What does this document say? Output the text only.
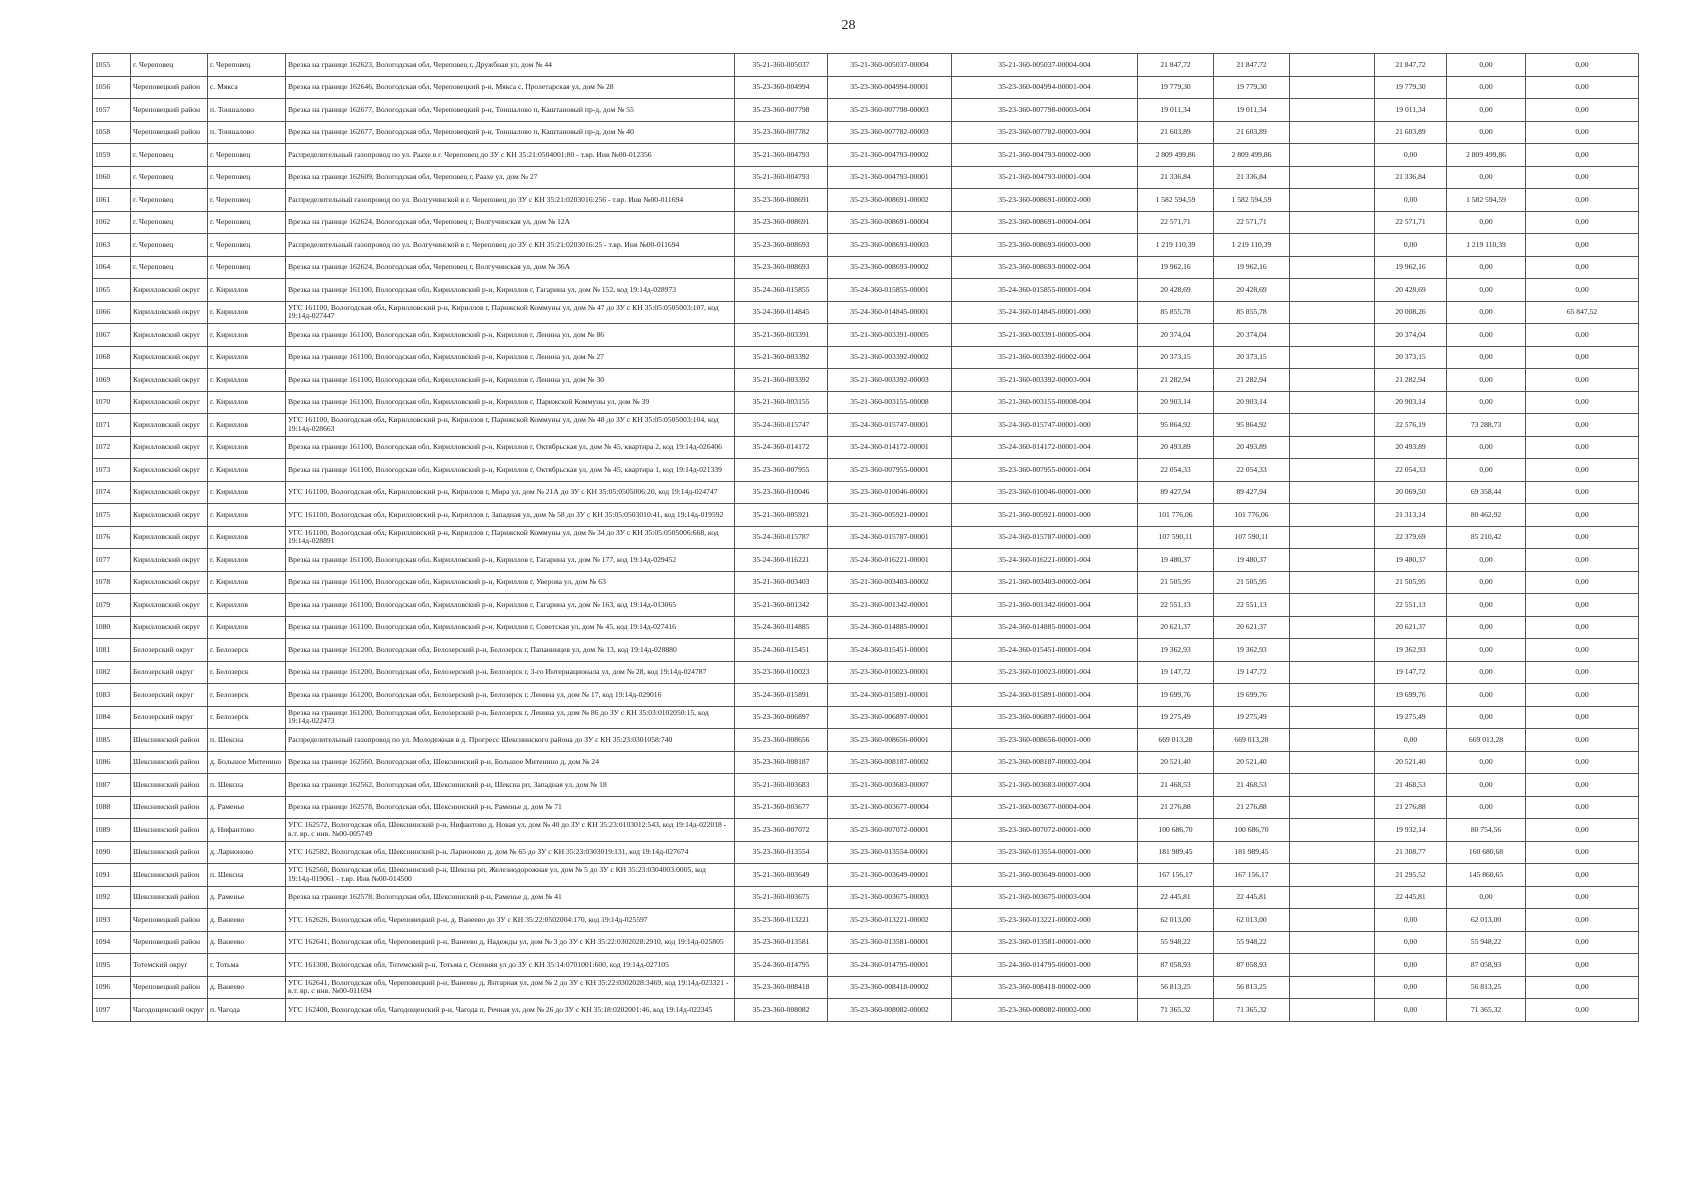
28
1055	г. Череповец	г. Череповец	Врезка на границе 162623, Вологодская обл, Череповец г, Дружбная ул, дом № 44	35-21-360-005037	35-21-360-005037-00004	35-21-360-005037-00004-004	21 847,72	21 847,72		21 847,72	0,00	0,00
1056	Череповецкий район	с. Мякса	Врезка на границе 162646, Вологодская обл, Череповецкий р-н, Мякса с, Пролетарская ул, дом № 28	35-23-360-004994	35-23-360-004994-00001	35-23-360-004994-00001-004	19 779,30	19 779,30		19 779,30	0,00	0,00
1057	Череповецкий район	п. Тоншалово	Врезка на границе 162677, Вологодская обл, Череповецкий р-н, Тоншалово п, Каштановый пр-д, дом № 55	35-23-360-007798	35-23-360-007798-00003	35-23-360-007798-00003-004	19 011,34	19 011,34		19 011,34	0,00	0,00
1058	Череповецкий район	п. Тоншалово	Врезка на границе 162677, Вологодская обл, Череповецкий р-н, Тоншалово п, Каштановый пр-д, дом № 40	35-23-360-007782	35-23-360-007782-00003	35-23-360-007782-00003-004	21 603,89	21 603,89		21 603,89	0,00	0,00
1059	г. Череповец	г. Череповец	Распределительный газопровод по ул. Раахе в г. Череповец до ЗУ с КН 35:21:0504001:80 - т.вр. Инв №00-012356	35-21-360-004793	35-21-360-004793-00002	35-21-360-004793-00002-000	2 809 499,86	2 809 499,86		0,00	2 809 499,86	0,00
1060	г. Череповец	г. Череповец	Врезка на границе 162609, Вологодская обл, Череповец г, Раахе ул, дом № 27	35-21-360-004793	35-21-360-004793-00001	35-21-360-004793-00001-004	21 336,84	21 336,84		21 336,84	0,00	0,00
1061	г. Череповец	г. Череповец	Распределительный газопровод по ул. Волгучинской в г. Череповец до ЗУ с КН 35:21:0203016:256 - т.вр. Инв №00-011694	35-23-360-008691	35-23-360-008691-00002	35-23-360-008691-00002-000	1 582 594,59	1 582 594,59		0,00	1 582 594,59	0,00
1062	г. Череповец	г. Череповец	Врезка на границе 162624, Вологодская обл, Череповец г, Волгучинская ул, дом № 12А	35-23-360-008691	35-23-360-008691-00004	35-23-360-008691-00004-004	22 571,71	22 571,71		22 571,71	0,00	0,00
1063	г. Череповец	г. Череповец	Распределительный газопровод по ул. Волгучинской в г. Череповец до ЗУ с КН 35:21:0203016:25 - т.вр. Инв №00-011694	35-23-360-008693	35-23-360-008693-00003	35-23-360-008693-00003-000	1 219 110,39	1 219 110,39		0,00	1 219 110,39	0,00
1064	г. Череповец	г. Череповец	Врезка на границе 162624, Вологодская обл, Череповец г, Волгучинская ул, дом № 36А	35-23-360-008693	35-23-360-008693-00002	35-23-360-008693-00002-004	19 962,16	19 962,16		19 962,16	0,00	0,00
1065	Кирилловский округ	г. Кириллов	Врезка на границе 161100, Вологодская обл, Кирилловский р-н, Кириллов г, Гагарина ул, дом № 152, код 19:14д-028973	35-24-360-015855	35-24-360-015855-00001	35-24-360-015855-00001-004	20 428,69	20 428,69		20 428,69	0,00	0,00
1066	Кирилловский округ	г. Кириллов	УГС 161100, Вологодская обл, Кирилловский р-н, Кириллов г, Парижской Коммуны ул, дом № 47 до ЗУ с КН 35:05:0505003:107, код 19:14д-027447	35-24-360-014845	35-24-360-014845-00001	35-24-360-014845-00001-000	85 855,78	85 855,78		20 008,26	0,00	65 847,52
1067	Кирилловский округ	г. Кириллов	Врезка на границе 161100, Вологодская обл, Кирилловский р-н, Кириллов г, Ленина ул, дом № 86	35-21-360-003391	35-21-360-003391-00005	35-21-360-003391-00005-004	20 374,04	20 374,04		20 374,04	0,00	0,00
1068	Кирилловский округ	г. Кириллов	Врезка на границе 161100, Вологодская обл, Кирилловский р-н, Кириллов г, Ленина ул, дом № 27	35-21-360-003392	35-21-360-003392-00002	35-21-360-003392-00002-004	20 373,15	20 373,15		20 373,15	0,00	0,00
1069	Кирилловский округ	г. Кириллов	Врезка на границе 161100, Вологодская обл, Кирилловский р-н, Кириллов г, Ленина ул, дом № 30	35-21-360-003392	35-21-360-003392-00003	35-21-360-003392-00003-004	21 282,94	21 282,94		21 282,94	0,00	0,00
1070	Кирилловский округ	г. Кириллов	Врезка на границе 161100, Вологодская обл, Кирилловский р-н, Кириллов г, Парижской Коммуны ул, дом № 39	35-21-360-003155	35-21-360-003155-00008	35-21-360-003155-00008-004	20 903,14	20 903,14		20 903,14	0,00	0,00
1071	Кирилловский округ	г. Кириллов	УГС 161100, Вологодская обл, Кирилловский р-н, Кириллов г, Парижской Коммуны ул, дом № 48 до ЗУ с КН 35:05:0505003:104, код 19:14д-028663	35-24-360-015747	35-24-360-015747-00001	35-24-360-015747-00001-000	95 864,92	95 864,92		22 576,19	73 288,73	0,00
1072	Кирилловский округ	г. Кириллов	Врезка на границе 161100, Вологодская обл, Кирилловский р-н, Кириллов г, Октябрьская ул, дом № 45, квартира 2, код 19:14д-026406	35-24-360-014172	35-24-360-014172-00001	35-24-360-014172-00001-004	20 493,89	20 493,89		20 493,89	0,00	0,00
1073	Кирилловский округ	г. Кириллов	Врезка на границе 161100, Вологодская обл, Кирилловский р-н, Кириллов г, Октябрьская ул, дом № 45, квартира 1, код 19:14д-021339	35-23-360-007955	35-23-360-007955-00001	35-23-360-007955-00001-004	22 054,33	22 054,33		22 054,33	0,00	0,00
1074	Кирилловский округ	г. Кириллов	УГС 161100, Вологодская обл, Кирилловский р-н, Кириллов г, Мира ул, дом № 21А до ЗУ с КН 35:05:0505006:20, код 19:14д-024747	35-23-360-010046	35-23-360-010046-00001	35-23-360-010046-00001-000	89 427,94	89 427,94		20 069,50	69 358,44	0,00
1075	Кирилловский округ	г. Кириллов	УГС 161100, Вологодская обл, Кирилловский р-н, Кириллов г, Западная ул, дом № 58 до ЗУ с КН 35:05:0503010:41, код 19:14д-019592	35-21-360-005921	35-21-360-005921-00001	35-21-360-005921-00001-000	101 776,06	101 776,06		21 313,14	80 462,92	0,00
1076	Кирилловский округ	г. Кириллов	УГС 161100, Вологодская обл, Кирилловский р-н, Кириллов г, Парижской Коммуны ул, дом № 34 до ЗУ с КН 35:05:0505006:668, код 19:14д-028891	35-24-360-015787	35-24-360-015787-00001	35-24-360-015787-00001-000	107 590,11	107 590,11		22 379,69	85 210,42	0,00
1077	Кирилловский округ	г. Кириллов	Врезка на границе 161100, Вологодская обл, Кирилловский р-н, Кириллов г, Гагарина ул, дом № 177, код 19:14д-029452	35-24-360-016221	35-24-360-016221-00001	35-24-360-016221-00001-004	19 480,37	19 480,37		19 480,37	0,00	0,00
1078	Кирилловский округ	г. Кириллов	Врезка на границе 161100, Вологодская обл, Кирилловский р-н, Кириллов г, Уверова ул, дом № 63	35-21-360-003403	35-21-360-003403-00002	35-21-360-003403-00002-004	21 505,95	21 505,95		21 505,95	0,00	0,00
1079	Кирилловский округ	г. Кириллов	Врезка на границе 161100, Вологодская обл, Кирилловский р-н, Кириллов г, Гагарина ул, дом № 163, код 19:14д-013065	35-21-360-001342	35-21-360-001342-00001	35-21-360-001342-00001-004	22 551,13	22 551,13		22 551,13	0,00	0,00
1080	Кирилловский округ	г. Кириллов	Врезка на границе 161100, Вологодская обл, Кирилловский р-н, Кириллов г, Советская ул, дом № 45, код 19:14д-027416	35-24-360-014885	35-24-360-014885-00001	35-24-360-014885-00001-004	20 621,37	20 621,37		20 621,37	0,00	0,00
1081	Белозерский округ	г. Белозерск	Врезка на границе 161200, Вологодская обл, Белозерский р-н, Белозерск г, Папанинцев ул, дом № 13, код 19:14д-028880	35-24-360-015451	35-24-360-015451-00001	35-24-360-015451-00001-004	19 362,93	19 362,93		19 362,93	0,00	0,00
1082	Белозерский округ	г. Белозерск	Врезка на границе 161200, Вологодская обл, Белозерский р-н, Белозерск г, 3-го Интернационала ул, дом № 28, код 19:14д-024787	35-23-360-010023	35-23-360-010023-00001	35-23-360-010023-00001-004	19 147,72	19 147,72		19 147,72	0,00	0,00
1083	Белозерский округ	г. Белозерск	Врезка на границе 161200, Вологодская обл, Белозерский р-н, Белозерск г, Ленина ул, дом № 17, код 19:14д-029016	35-24-360-015891	35-24-360-015891-00001	35-24-360-015891-00001-004	19 699,76	19 699,76		19 699,76	0,00	0,00
1084	Белозерский округ	г. Белозерск	Врезка на границе 161200, Вологодская обл, Белозерский р-н, Белозерск г, Ленина ул, дом № 86 до ЗУ с КН 35:03:0102050:15, код 19:14д-022473	35-23-360-006897	35-23-360-006897-00001	35-23-360-006897-00001-004	19 275,49	19 275,49		19 275,49	0,00	0,00
1085	Шекснинский район	п. Шексна	Распределительный газопровод по ул. Молодежная в д. Прогресс Шекснинского района до ЗУ с КН 35:23:0301058:740	35-23-360-008656	35-23-360-008656-00001	35-23-360-008656-00001-000	669 013,28	669 013,28		0,00	669 013,28	0,00
1086	Шекснинский район	д. Большое Митенино	Врезка на границе 162560, Вологодская обл, Шекснинский р-н, Большое Митенино д, дом № 24	35-23-360-008187	35-23-360-008187-00002	35-23-360-008187-00002-004	20 521,40	20 521,40		20 521,40	0,00	0,00
1087	Шекснинский район	п. Шексна	Врезка на границе 162562, Вологодская обл, Шекснинский р-н, Шексна рп, Западная ул, дом № 18	35-21-360-003683	35-21-360-003683-00007	35-21-360-003683-00007-004	21 468,53	21 468,53		21 468,53	0,00	0,00
1088	Шекснинский район	д. Раменье	Врезка на границе 162578, Вологодская обл, Шекснинский р-н, Раменье д, дом № 71	35-21-360-003677	35-21-360-003677-00004	35-21-360-003677-00004-004	21 276,88	21 276,88		21 276,88	0,00	0,00
1089	Шекснинский район	д. Нифантово	УГС 162572, Вологодская обл, Шекснинский р-н, Нифантово д, Новая ул, дом № 40 до ЗУ с КН 35:23:0103012:543, код 19:14д-022018 - в.т. вр. с инв. №00-005749	35-23-360-007072	35-23-360-007072-00001	35-23-360-007072-00001-000	100 686,70	100 686,70		19 932,14	80 754,56	0,00
1090	Шекснинский район	д. Ларионово	УГС 162582, Вологодская обл, Шекснинский р-н, Ларионово д, дом № 65 до ЗУ с КН 35:23:0303019:131, код 19:14д-027674	35-23-360-013554	35-23-360-013554-00001	35-23-360-013554-00001-000	181 989,45	181 989,45		21 308,77	160 680,68	0,00
1091	Шекснинский район	п. Шексна	УГС 162560, Вологодская обл, Шекснинский р-н, Шексна рп, Железнодорожная ул, дом № 5 до ЗУ с КН 35:23:0304003:0005, код 19:14д-019061 - т.вр. Инв №00-014500	35-21-360-003649	35-21-360-003649-00001	35-21-360-003649-00001-000	167 156,17	167 156,17		21 295,52	145 860,65	0,00
1092	Шекснинский район	д. Раменье	Врезка на границе 162578, Вологодская обл, Шекснинский р-н, Раменье д, дом № 41	35-21-360-003675	35-21-360-003675-00003	35-21-360-003675-00003-004	22 445,81	22 445,81		22 445,81	0,00	0,00
1093	Череповецкий район	д. Ванеево	УГС 162626, Вологодская обл, Череповецкий р-н, д. Ванеево до ЗУ с КН 35:22:0502004:170, код 19:14д-025597	35-23-360-013221	35-23-360-013221-00002	35-23-360-013221-00002-000	62 013,00	62 013,00		0,00	62 013,00	0,00
1094	Череповецкий район	д. Ванеево	УГС 162641, Вологодская обл, Череповецкий р-н, Ванеево д, Надежды ул, дом № 3 до ЗУ с КН 35:22:0302028:2910, код 19:14д-025805	35-23-360-013581	35-23-360-013581-00001	35-23-360-013581-00001-000	55 948,22	55 948,22		0,00	55 948,22	0,00
1095	Тотемский округ	г. Тотьма	УГС 161300, Вологодская обл, Тотемский р-н, Тотьма г, Осенняя ул до ЗУ с КН 35:14:0701001:600, код 19:14д-027105	35-24-360-014795	35-24-360-014795-00001	35-24-360-014795-00001-000	87 058,93	87 058,93		0,00	87 058,93	0,00
1096	Череповецкий район	д. Ванеево	УГС 162641, Вологодская обл, Череповецкий р-н, Ванеево д, Янтарная ул, дом № 2 до ЗУ с КН 35:22:0302028:3469, код 19:14д-023321 - в.т. вр. с инв. №00-011694	35-23-360-008418	35-23-360-008418-00002	35-23-360-008418-00002-000	56 813,25	56 813,25		0,00	56 813,25	0,00
1097	Чагодощенский округ	п. Чагода	УГС 162400, Вологодская обл, Чагодощенский р-н, Чагода п, Речная ул, дом № 26 до ЗУ с КН 35:18:0202001:46, код 19:14д-022345	35-23-360-008082	35-23-360-008082-00002	35-23-360-008082-00002-000	71 365,32	71 365,32		0,00	71 365,32	0,00
